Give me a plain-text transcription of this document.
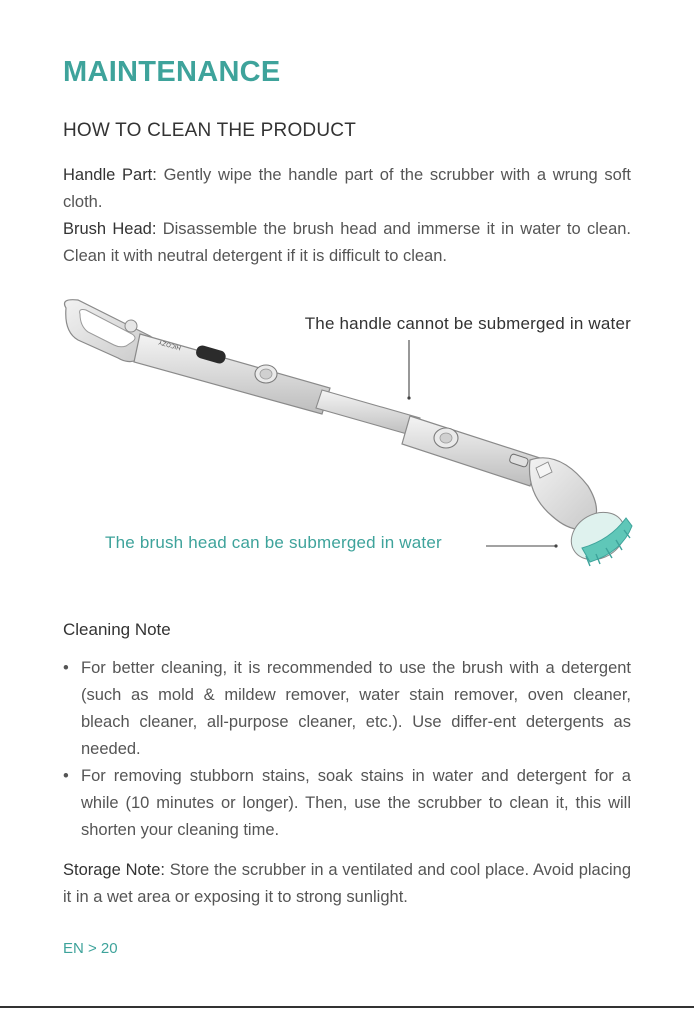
MAINTENANCE
HOW TO CLEAN THE PRODUCT

Handle Part: Gently wipe the handle part of the scrubber with a wrung soft cloth.

Brush Head: Disassemble the brush head and immerse it in water to clean. Clean it with neutral detergent if it is difficult to clean.

HICOZY

The handle cannot be submerged in water

The brush head can be submerged in water

Cleaning Note
• For better cleaning, it is recommended to use the brush with a detergent (such as mold & mildew remover, water stain remover, oven cleaner, bleach cleaner, all-purpose cleaner, etc.). Use differ-ent detergents as needed.
• For removing stubborn stains, soak stains in water and detergent for a while (10 minutes or longer). Then, use the scrubber to clean it, this will shorten your cleaning time.

Storage Note: Store the scrubber in a ventilated and cool place. Avoid placing it in a wet area or exposing it to strong sunlight.

EN > 20
